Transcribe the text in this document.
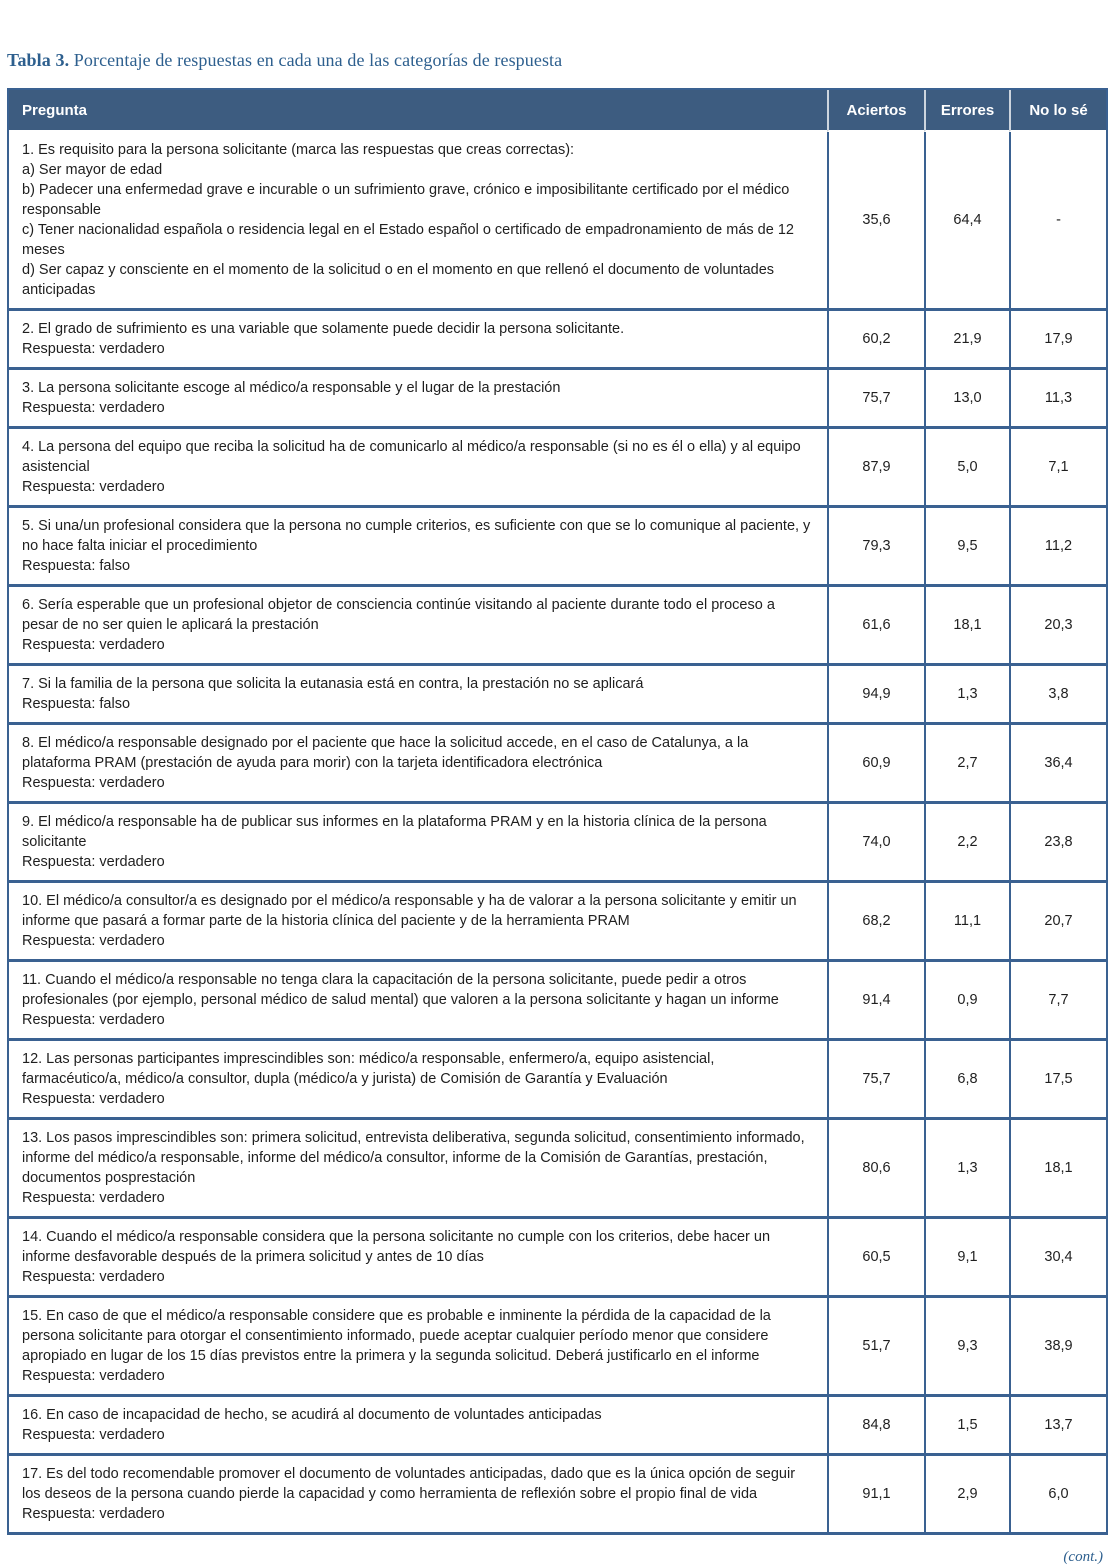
Tabla 3. Porcentaje de respuestas en cada una de las categorías de respuesta

Pregunta	Aciertos	Errores	No lo sé

1. Es requisito para la persona solicitante (marca las respuestas que creas correctas):
a) Ser mayor de edad
b) Padecer una enfermedad grave e incurable o un sufrimiento grave, crónico e imposibilitante certificado por el médico responsable
c) Tener nacionalidad española o residencia legal en el Estado español o certificado de empadronamiento de más de 12 meses
d) Ser capaz y consciente en el momento de la solicitud o en el momento en que rellenó el documento de voluntades anticipadas	35,6	64,4	-

2. El grado de sufrimiento es una variable que solamente puede decidir la persona solicitante.
Respuesta: verdadero	60,2	21,9	17,9

3. La persona solicitante escoge al médico/a responsable y el lugar de la prestación
Respuesta: verdadero	75,7	13,0	11,3

4. La persona del equipo que reciba la solicitud ha de comunicarlo al médico/a responsable (si no es él o ella) y al equipo asistencial
Respuesta: verdadero	87,9	5,0	7,1

5. Si una/un profesional considera que la persona no cumple criterios, es suficiente con que se lo comunique al paciente, y no hace falta iniciar el procedimiento
Respuesta: falso	79,3	9,5	11,2

6. Sería esperable que un profesional objetor de consciencia continúe visitando al paciente durante todo el proceso a pesar de no ser quien le aplicará la prestación
Respuesta: verdadero	61,6	18,1	20,3

7. Si la familia de la persona que solicita la eutanasia está en contra, la prestación no se aplicará
Respuesta: falso	94,9	1,3	3,8

8. El médico/a responsable designado por el paciente que hace la solicitud accede, en el caso de Catalunya, a la plataforma PRAM (prestación de ayuda para morir) con la tarjeta identificadora electrónica
Respuesta: verdadero	60,9	2,7	36,4

9. El médico/a responsable ha de publicar sus informes en la plataforma PRAM y en la historia clínica de la persona solicitante
Respuesta: verdadero	74,0	2,2	23,8

10. El médico/a consultor/a es designado por el médico/a responsable y ha de valorar a la persona solicitante y emitir un informe que pasará a formar parte de la historia clínica del paciente y de la herramienta PRAM
Respuesta: verdadero	68,2	11,1	20,7

11. Cuando el médico/a responsable no tenga clara la capacitación de la persona solicitante, puede pedir a otros profesionales (por ejemplo, personal médico de salud mental) que valoren a la persona solicitante y hagan un informe
Respuesta: verdadero	91,4	0,9	7,7

12. Las personas participantes imprescindibles son: médico/a responsable, enfermero/a, equipo asistencial, farmacéutico/a, médico/a consultor, dupla (médico/a y jurista) de Comisión de Garantía y Evaluación
Respuesta: verdadero	75,7	6,8	17,5

13. Los pasos imprescindibles son: primera solicitud, entrevista deliberativa, segunda solicitud, consentimiento informado, informe del médico/a responsable, informe del médico/a consultor, informe de la Comisión de Garantías, prestación, documentos posprestación
Respuesta: verdadero	80,6	1,3	18,1

14. Cuando el médico/a responsable considera que la persona solicitante no cumple con los criterios, debe hacer un informe desfavorable después de la primera solicitud y antes de 10 días
Respuesta: verdadero	60,5	9,1	30,4

15. En caso de que el médico/a responsable considere que es probable e inminente la pérdida de la capacidad de la persona solicitante para otorgar el consentimiento informado, puede aceptar cualquier período menor que considere apropiado en lugar de los 15 días previstos entre la primera y la segunda solicitud. Deberá justificarlo en el informe
Respuesta: verdadero	51,7	9,3	38,9

16. En caso de incapacidad de hecho, se acudirá al documento de voluntades anticipadas
Respuesta: verdadero	84,8	1,5	13,7

17. Es del todo recomendable promover el documento de voluntades anticipadas, dado que es la única opción de seguir los deseos de la persona cuando pierde la capacidad y como herramienta de reflexión sobre el propio final de vida
Respuesta: verdadero	91,1	2,9	6,0

(cont.)
